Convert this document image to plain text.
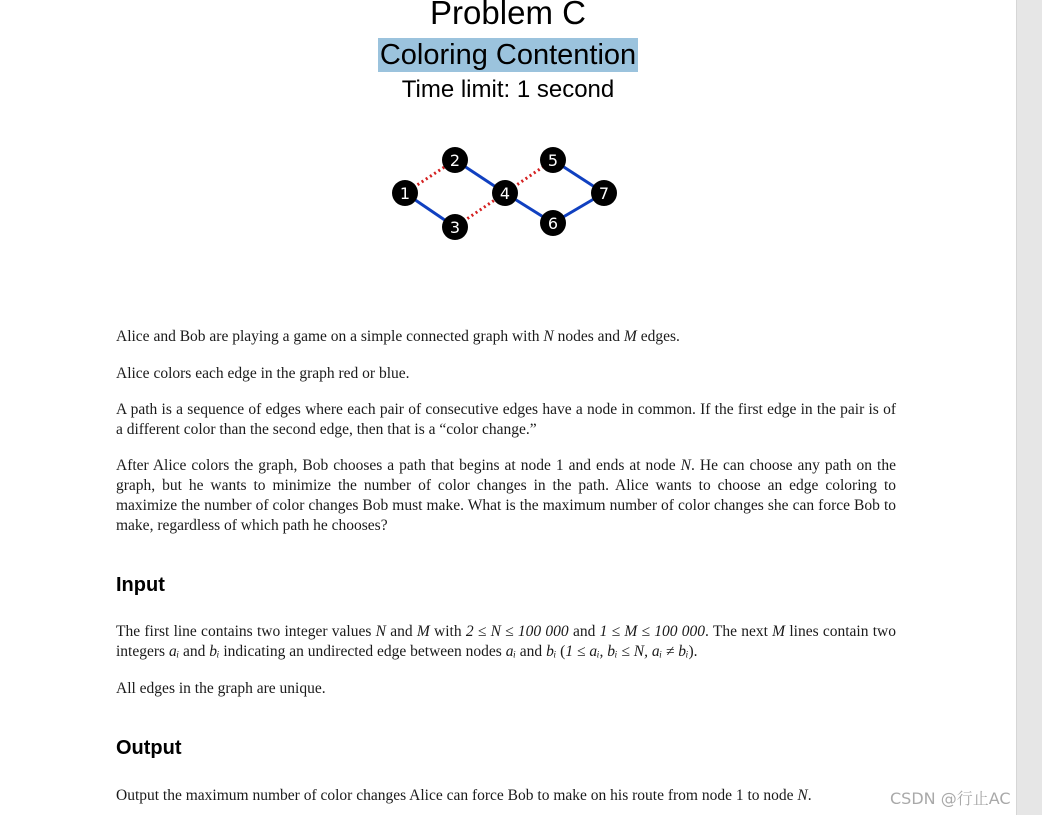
Problem C
Coloring Contention
Time limit: 1 second
1
2
3
4
5
6
7

Alice and Bob are playing a game on a simple connected graph with N nodes and M edges.

Alice colors each edge in the graph red or blue.

A path is a sequence of edges where each pair of consecutive edges have a node in common. If the first edge in the pair is of a different color than the second edge, then that is a “color change.”

After Alice colors the graph, Bob chooses a path that begins at node 1 and ends at node N. He can choose any path on the graph, but he wants to minimize the number of color changes in the path. Alice wants to choose an edge coloring to maximize the number of color changes Bob must make. What is the maximum number of color changes she can force Bob to make, regardless of which path he chooses?

Input

The first line contains two integer values N and M with 2 ≤ N ≤ 100 000 and 1 ≤ M ≤ 100 000. The next M lines contain two integers aᵢ and bᵢ indicating an undirected edge between nodes aᵢ and bᵢ (1 ≤ aᵢ, bᵢ ≤ N, aᵢ ≠ bᵢ).

All edges in the graph are unique.

Output

Output the maximum number of color changes Alice can force Bob to make on his route from node 1 to node N.	CSDN @行止AC
